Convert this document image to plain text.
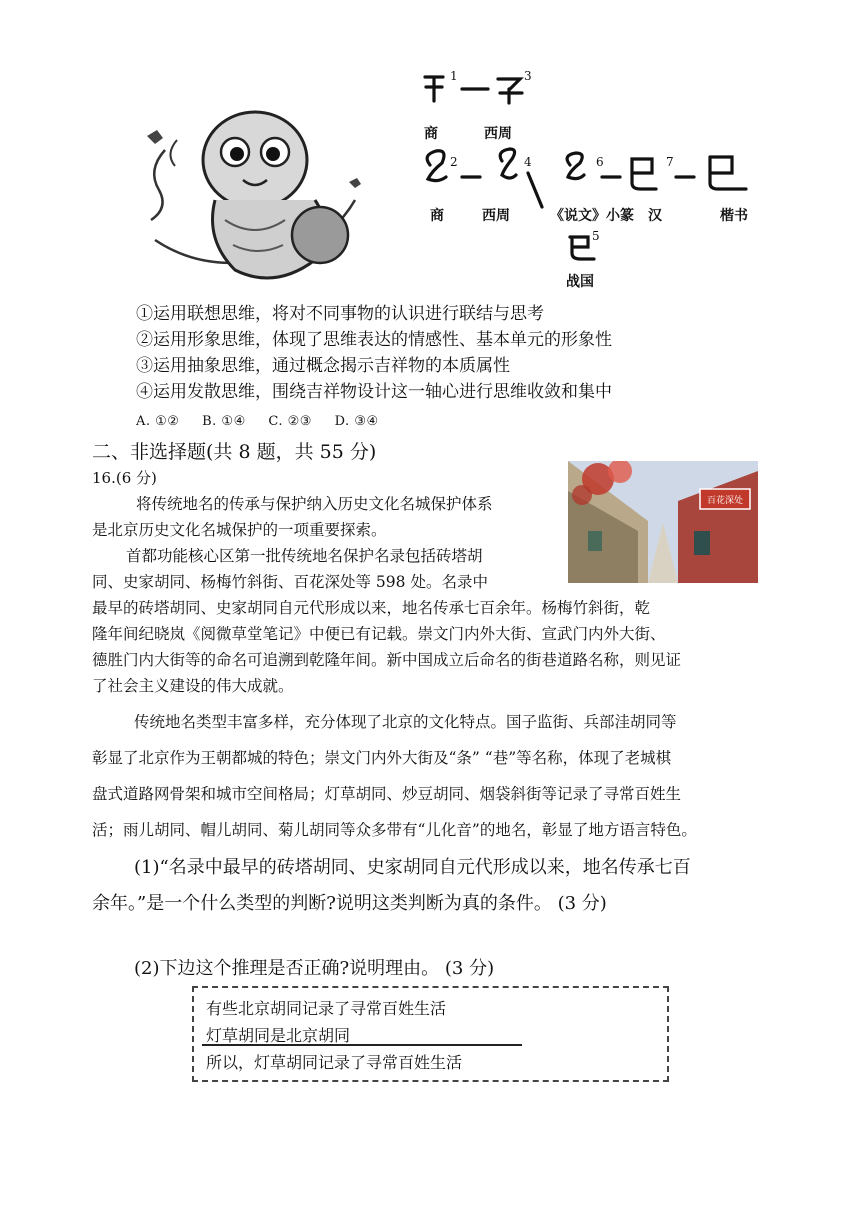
1	3
商	西周
2	4	6	7
商	西周	《说文》小篆 汉	楷书
5
战国
①运用联想思维，将对不同事物的认识进行联结与思考
②运用形象思维，体现了思维表达的情感性、基本单元的形象性
③运用抽象思维，通过概念揭示吉祥物的本质属性
④运用发散思维，围绕吉祥物设计这一轴心进行思维收敛和集中
A. ①② B. ①④ C. ②③ D. ③④
二、非选择题(共 8 题，共 55 分)
16.(6 分)
百花深处
将传统地名的传承与保护纳入历史文化名城保护体系
是北京历史文化名城保护的一项重要探索。
首都功能核心区第一批传统地名保护名录包括砖塔胡
同、史家胡同、杨梅竹斜街、百花深处等 598 处。名录中
最早的砖塔胡同、史家胡同自元代形成以来，地名传承七百余年。杨梅竹斜街，乾
隆年间纪晓岚《阅微草堂笔记》中便已有记载。崇文门内外大街、宣武门内外大街、
德胜门内大街等的命名可追溯到乾隆年间。新中国成立后命名的街巷道路名称，则见证
了社会主义建设的伟大成就。
传统地名类型丰富多样，充分体现了北京的文化特点。国子监街、兵部洼胡同等
彰显了北京作为王朝都城的特色；崇文门内外大街及“条” “巷”等名称，体现了老城棋
盘式道路网骨架和城市空间格局；灯草胡同、炒豆胡同、烟袋斜街等记录了寻常百姓生
活；雨儿胡同、帽儿胡同、菊儿胡同等众多带有“儿化音”的地名，彰显了地方语言特色。
(1)“名录中最早的砖塔胡同、史家胡同自元代形成以来，地名传承七百
余年。”是一个什么类型的判断?说明这类判断为真的条件。 (3 分)
(2)下边这个推理是否正确?说明理由。 (3 分)
有些北京胡同记录了寻常百姓生活
灯草胡同是北京胡同
所以，灯草胡同记录了寻常百姓生活
